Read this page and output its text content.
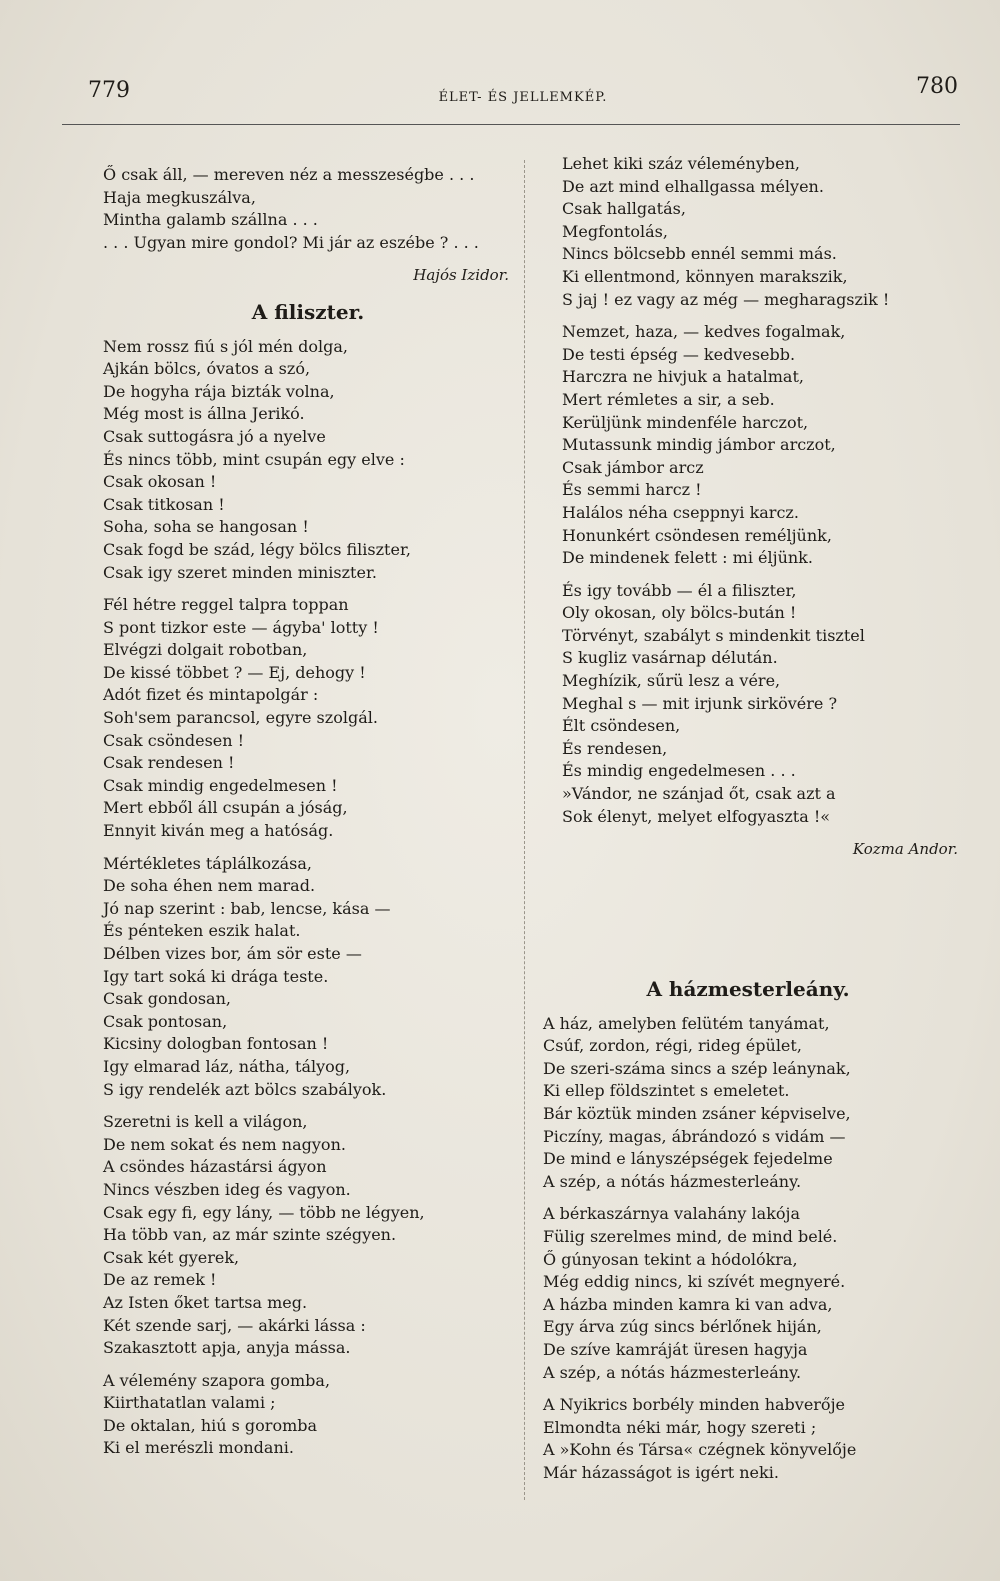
779	ÉLET- ÉS JELLEMKÉP.	780
Ő csak áll, — mereven néz a messzeségbe . . .
Haja megkuszálva,
Mintha galamb szállna . . .
. . . Ugyan mire gondol? Mi jár az eszébe ? . . .
Hajós Izidor.
A filiszter.
Nem rossz fiú s jól mén dolga,
Ajkán bölcs, óvatos a szó,
De hogyha rája bizták volna,
Még most is állna Jerikó.
Csak suttogásra jó a nyelve
És nincs több, mint csupán egy elve :
Csak okosan !
Csak titkosan !
Soha, soha se hangosan !
Csak fogd be szád, légy bölcs filiszter,
Csak igy szeret minden miniszter.
Fél hétre reggel talpra toppan
S pont tizkor este — ágyba' lotty !
Elvégzi dolgait robotban,
De kissé többet ? — Ej, dehogy !
Adót fizet és mintapolgár :
Soh'sem parancsol, egyre szolgál.
Csak csöndesen !
Csak rendesen !
Csak mindig engedelmesen !
Mert ebből áll csupán a jóság,
Ennyit kiván meg a hatóság.
Mértékletes táplálkozása,
De soha éhen nem marad.
Jó nap szerint : bab, lencse, kása —
És pénteken eszik halat.
Délben vizes bor, ám sör este —
Igy tart soká ki drága teste.
Csak gondosan,
Csak pontosan,
Kicsiny dologban fontosan !
Igy elmarad láz, nátha, tályog,
S igy rendelék azt bölcs szabályok.
Szeretni is kell a világon,
De nem sokat és nem nagyon.
A csöndes házastársi ágyon
Nincs vészben ideg és vagyon.
Csak egy fi, egy lány, — több ne légyen,
Ha több van, az már szinte szégyen.
Csak két gyerek,
De az remek !
Az Isten őket tartsa meg.
Két szende sarj, — akárki lássa :
Szakasztott apja, anyja mássa.
A vélemény szapora gomba,
Kiirthatatlan valami ;
De oktalan, hiú s goromba
Ki el merészli mondani.
Lehet kiki száz véleményben,
De azt mind elhallgassa mélyen.
Csak hallgatás,
Megfontolás,
Nincs bölcsebb ennél semmi más.
Ki ellentmond, könnyen marakszik,
S jaj ! ez vagy az még — megharagszik !
Nemzet, haza, — kedves fogalmak,
De testi épség — kedvesebb.
Harczra ne hivjuk a hatalmat,
Mert rémletes a sir, a seb.
Kerüljünk mindenféle harczot,
Mutassunk mindig jámbor arczot,
Csak jámbor arcz
És semmi harcz !
Halálos néha cseppnyi karcz.
Honunkért csöndesen reméljünk,
De mindenek felett : mi éljünk.
És igy tovább — él a filiszter,
Oly okosan, oly bölcs-bután !
Törvényt, szabályt s mindenkit tisztel
S kugliz vasárnap délután.
Meghízik, sűrü lesz a vére,
Meghal s — mit irjunk sirkövére ?
Élt csöndesen,
És rendesen,
És mindig engedelmesen . . .
»Vándor, ne szánjad őt, csak azt a
Sok élenyt, melyet elfogyaszta !«
Kozma Andor.
A házmesterleány.
A ház, amelyben felütém tanyámat,
Csúf, zordon, régi, rideg épület,
De szeri-száma sincs a szép leánynak,
Ki ellep földszintet s emeletet.
Bár köztük minden zsáner képviselve,
Piczíny, magas, ábrándozó s vidám —
De mind e lányszépségek fejedelme
A szép, a nótás házmesterleány.
A bérkaszárnya valahány lakója
Fülig szerelmes mind, de mind belé.
Ő gúnyosan tekint a hódolókra,
Még eddig nincs, ki szívét megnyeré.
A házba minden kamra ki van adva,
Egy árva zúg sincs bérlőnek hiján,
De szíve kamráját üresen hagyja
A szép, a nótás házmesterleány.
A Nyikrics borbély minden habverője
Elmondta néki már, hogy szereti ;
A »Kohn és Társa« czégnek könyvelője
Már házasságot is igért neki.
